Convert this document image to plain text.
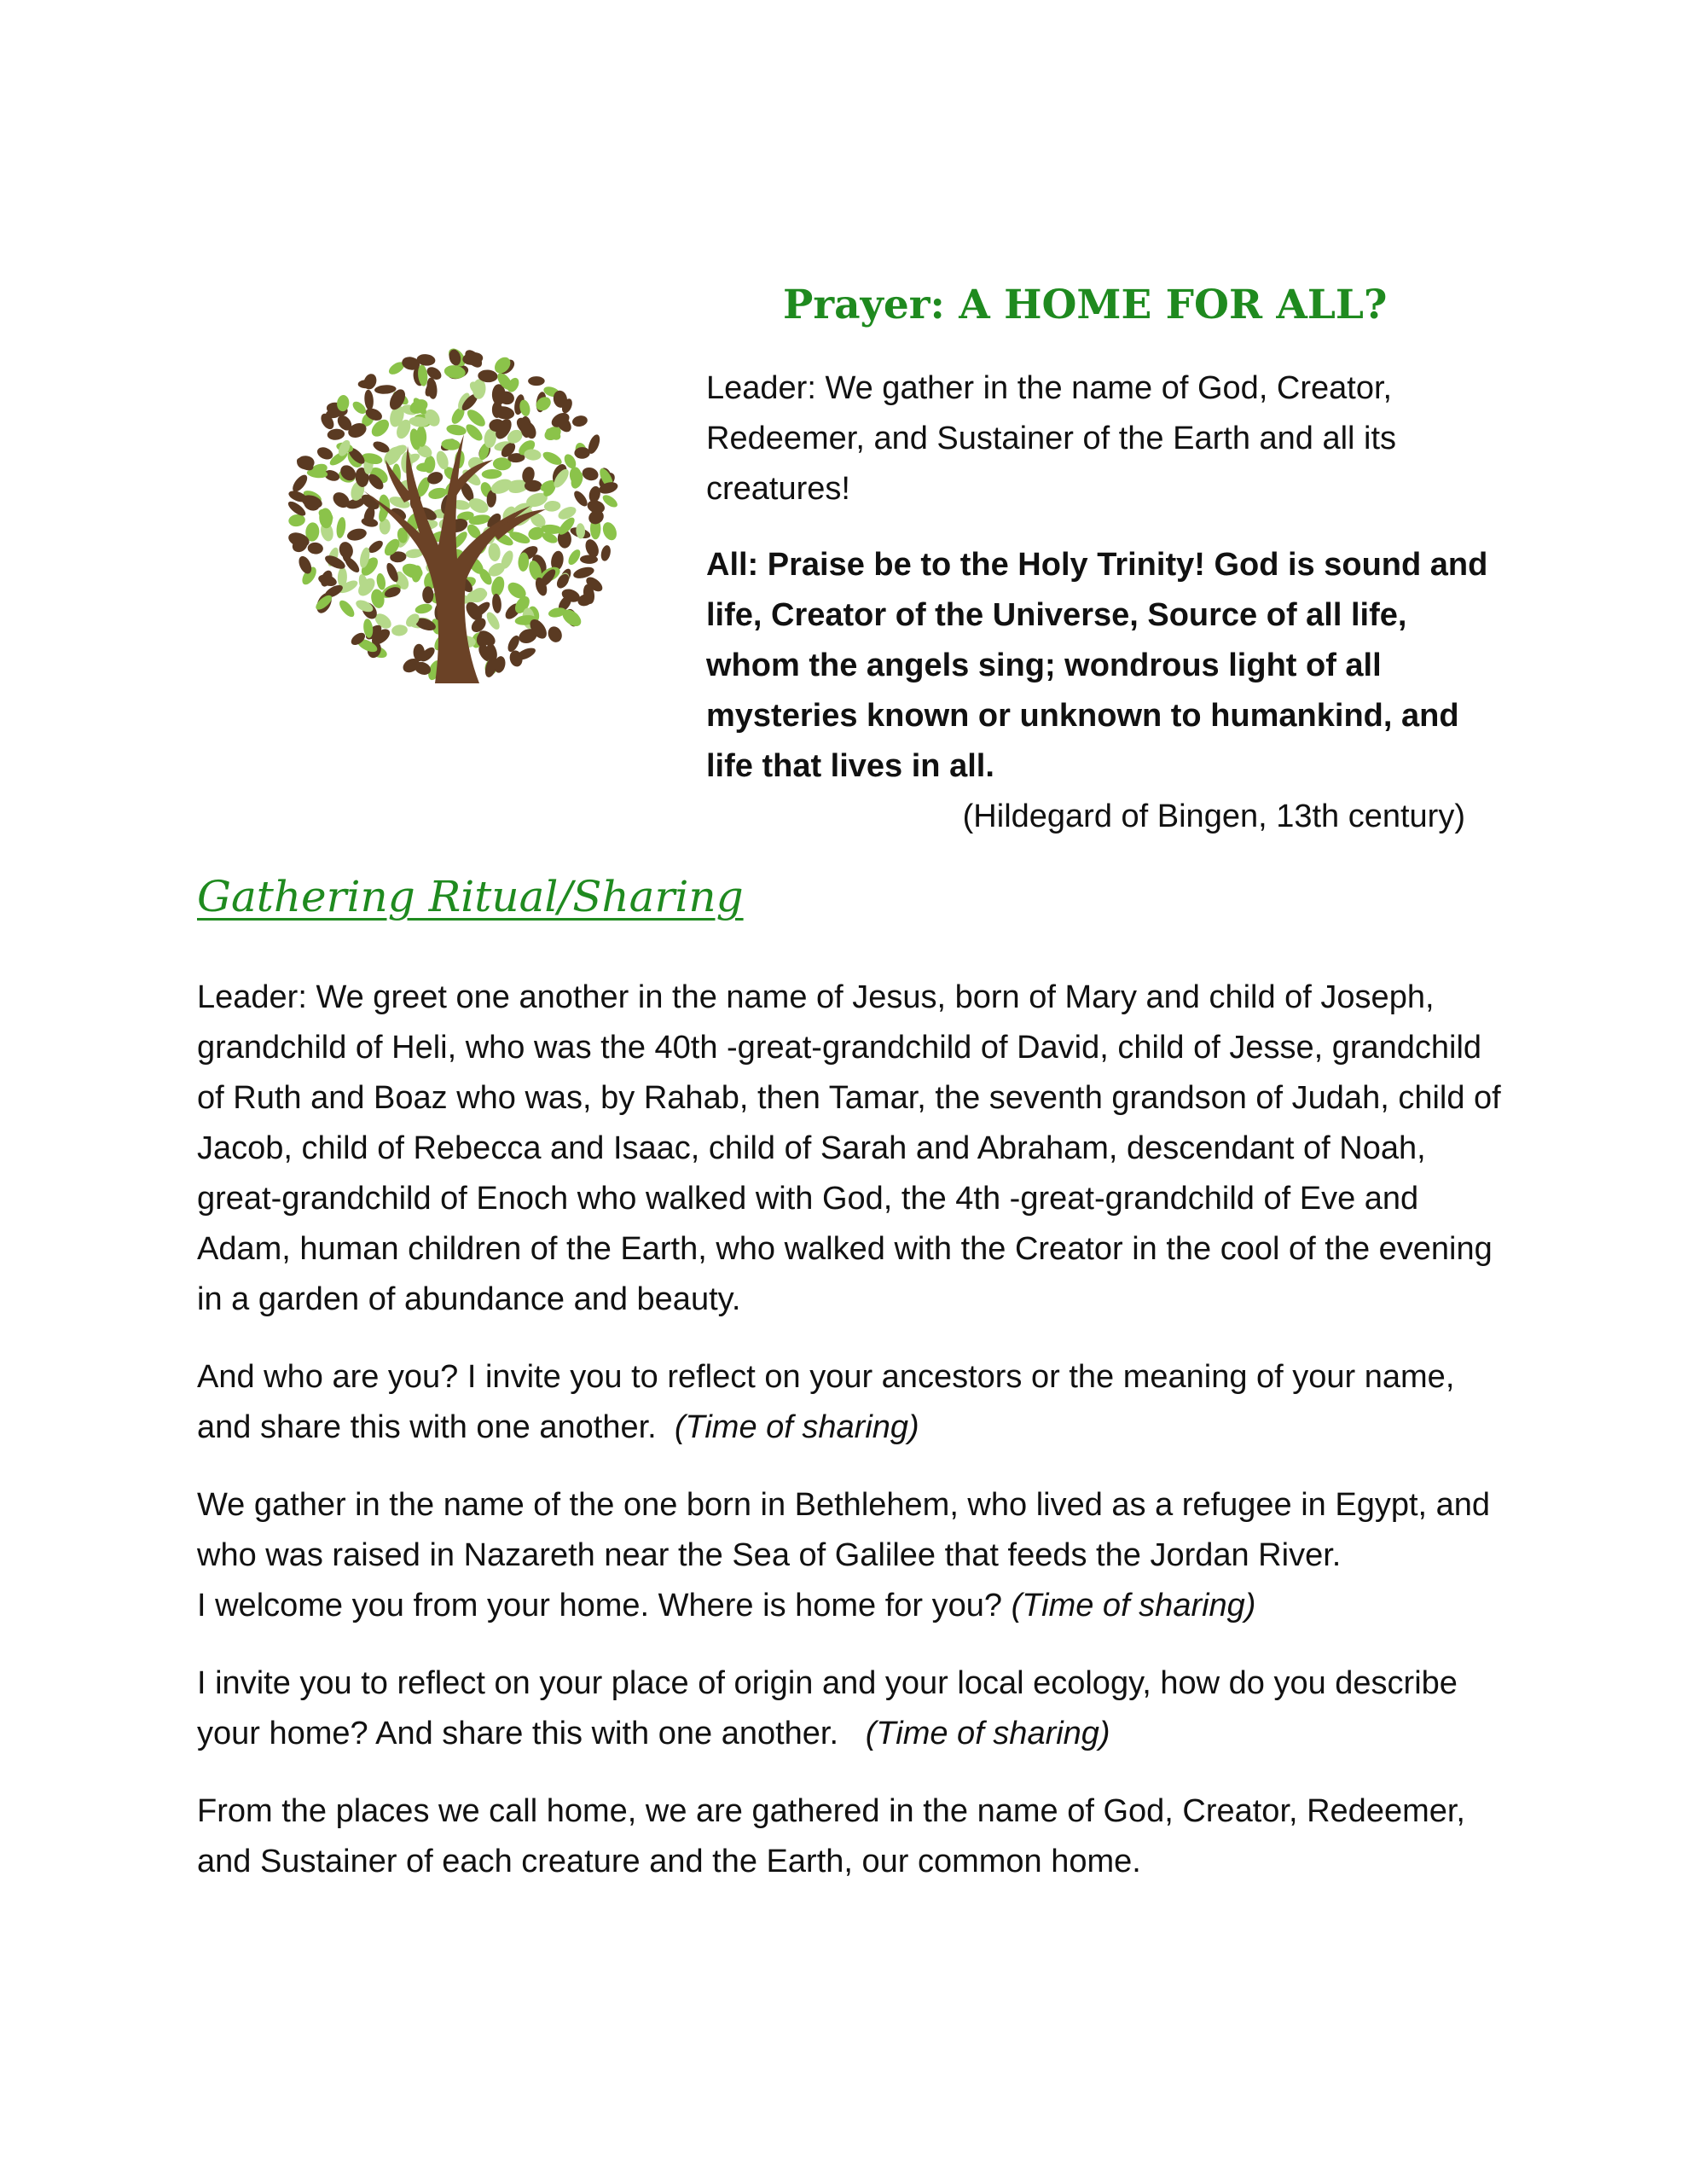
Prayer: A HOME FOR ALL?

Leader: We gather in the name of God, Creator, Redeemer, and Sustainer of the Earth and all its creatures!

All: Praise be to the Holy Trinity! God is sound and life, Creator of the Universe, Source of all life, whom the angels sing; wondrous light of all mysteries known or unknown to humankind, and life that lives in all.

(Hildegard of Bingen, 13th century)

Gathering Ritual/Sharing

Leader: We greet one another in the name of Jesus, born of Mary and child of Joseph, grandchild of Heli, who was the 40th -great-grandchild of David, child of Jesse, grandchild of Ruth and Boaz who was, by Rahab, then Tamar, the seventh grandson of Judah, child of Jacob, child of Rebecca and Isaac, child of Sarah and Abraham, descendant of Noah, great-grandchild of Enoch who walked with God, the 4th -great-grandchild of Eve and Adam, human children of the Earth, who walked with the Creator in the cool of the evening in a garden of abundance and beauty.

And who are you? I invite you to reflect on your ancestors or the meaning of your name, and share this with one another. (Time of sharing)

We gather in the name of the one born in Bethlehem, who lived as a refugee in Egypt, and who was raised in Nazareth near the Sea of Galilee that feeds the Jordan River.
I welcome you from your home. Where is home for you? (Time of sharing)

I invite you to reflect on your place of origin and your local ecology, how do you describe your home? And share this with one another. (Time of sharing)

From the places we call home, we are gathered in the name of God, Creator, Redeemer, and Sustainer of each creature and the Earth, our common home.
